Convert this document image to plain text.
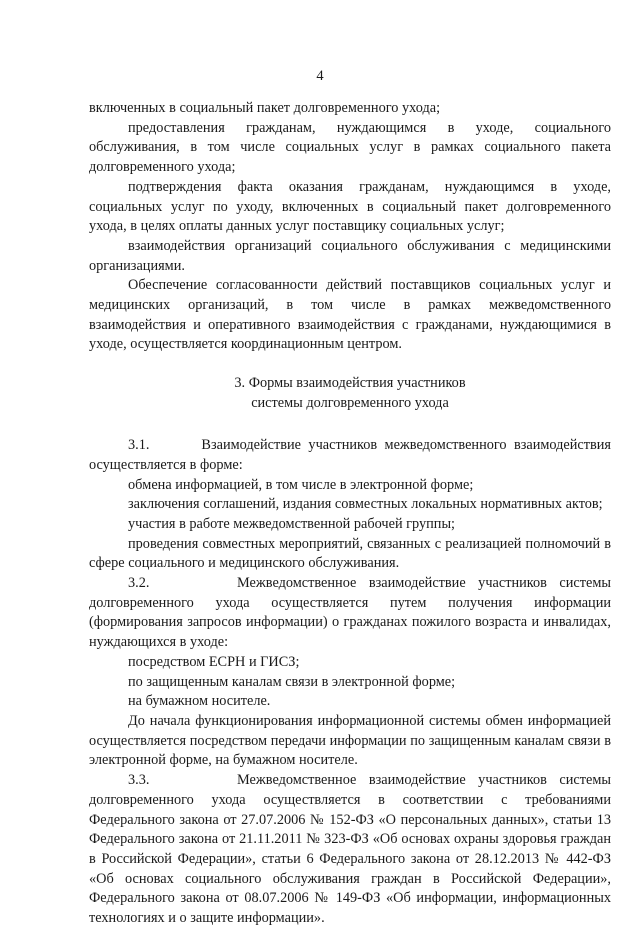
4

включенных в социальный пакет долговременного ухода;

предоставления гражданам, нуждающимся в уходе, социального обслуживания, в том числе социальных услуг в рамках социального пакета долговременного ухода;

подтверждения факта оказания гражданам, нуждающимся в уходе, социальных услуг по уходу, включенных в социальный пакет долговременного ухода, в целях оплаты данных услуг поставщику социальных услуг;

взаимодействия организаций социального обслуживания с медицинскими организациями.

Обеспечение согласованности действий поставщиков социальных услуг и медицинских организаций, в том числе в рамках межведомственного взаимодействия и оперативного взаимодействия с гражданами, нуждающимися в уходе, осуществляется координационным центром.

3. Формы взаимодействия участников
системы долговременного ухода

3.1.       Взаимодействие участников межведомственного взаимодействия осуществляется в форме:

обмена информацией, в том числе в электронной форме;

заключения соглашений, издания совместных локальных нормативных актов;

участия в работе межведомственной рабочей группы;

проведения совместных мероприятий, связанных с реализацией полномочий в сфере социального и медицинского обслуживания.

3.2.       Межведомственное взаимодействие участников системы долговременного ухода осуществляется путем получения информации (формирования запросов информации) о гражданах пожилого возраста и инвалидах, нуждающихся в уходе:

посредством ЕСРН и ГИСЗ;

по защищенным каналам связи в электронной форме;

на бумажном носителе.

До начала функционирования информационной системы обмен информацией осуществляется посредством передачи информации по защищенным каналам связи в электронной форме, на бумажном носителе.

3.3.       Межведомственное взаимодействие участников системы долговременного ухода осуществляется в соответствии с требованиями Федерального закона от 27.07.2006 № 152-ФЗ «О персональных данных», статьи 13 Федерального закона от 21.11.2011 № 323-ФЗ «Об основах охраны здоровья граждан в Российской Федерации», статьи 6 Федерального закона от 28.12.2013 № 442-ФЗ «Об основах социального обслуживания граждан в Российской Федерации», Федерального закона от 08.07.2006 № 149-ФЗ «Об информации, информационных технологиях и о защите информации».
